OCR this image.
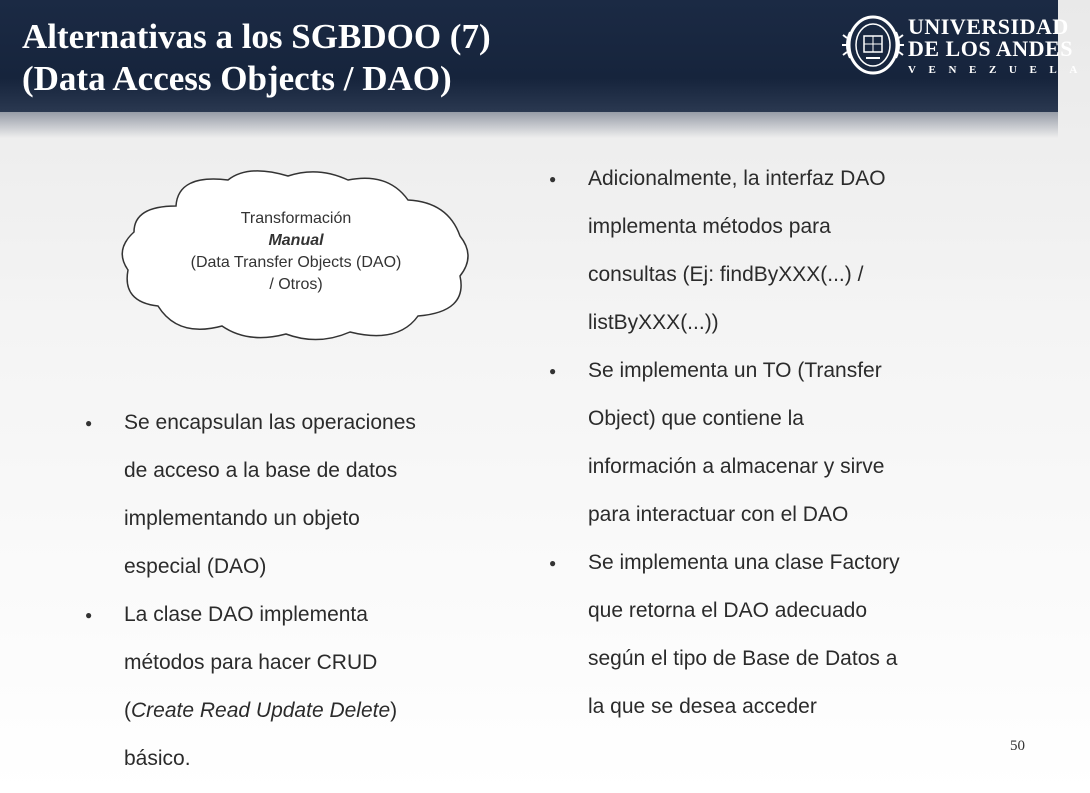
Alternativas a los SGBDOO (7)
(Data Access Objects / DAO)
UNIVERSIDAD
DE LOS ANDES
VENEZUELA
Transformación
Manual
(Data Transfer Objects (DAO)
/ Otros)
● Se encapsulan las operaciones
de acceso a la base de datos
implementando un objeto
especial (DAO)
● La clase DAO implementa
métodos para hacer CRUD
(Create Read Update Delete)
básico.
● Adicionalmente, la interfaz DAO
implementa métodos para
consultas (Ej: findByXXX(...) /
listByXXX(...))
● Se implementa un TO (Transfer
Object) que contiene la
información a almacenar y sirve
para interactuar con el DAO
● Se implementa una clase Factory
que retorna el DAO adecuado
según el tipo de Base de Datos a
la que se desea acceder
50
